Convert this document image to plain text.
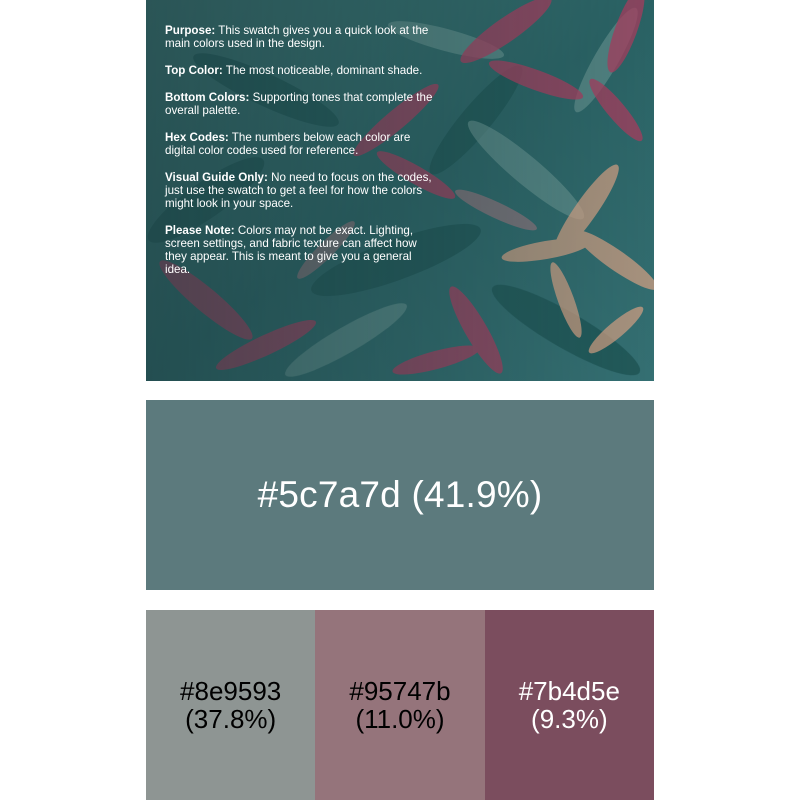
Purpose: This swatch gives you a quick look at the main colors used in the design.

Top Color: The most noticeable, dominant shade.

Bottom Colors: Supporting tones that complete the overall palette.

Hex Codes: The numbers below each color are digital color codes used for reference.

Visual Guide Only: No need to focus on the codes, just use the swatch to get a feel for how the colors might look in your space.

Please Note: Colors may not be exact. Lighting, screen settings, and fabric texture can affect how they appear. This is meant to give you a general idea.

#5c7a7d (41.9%)
#8e9593
(37.8%)
#95747b
(11.0%)
#7b4d5e
(9.3%)
